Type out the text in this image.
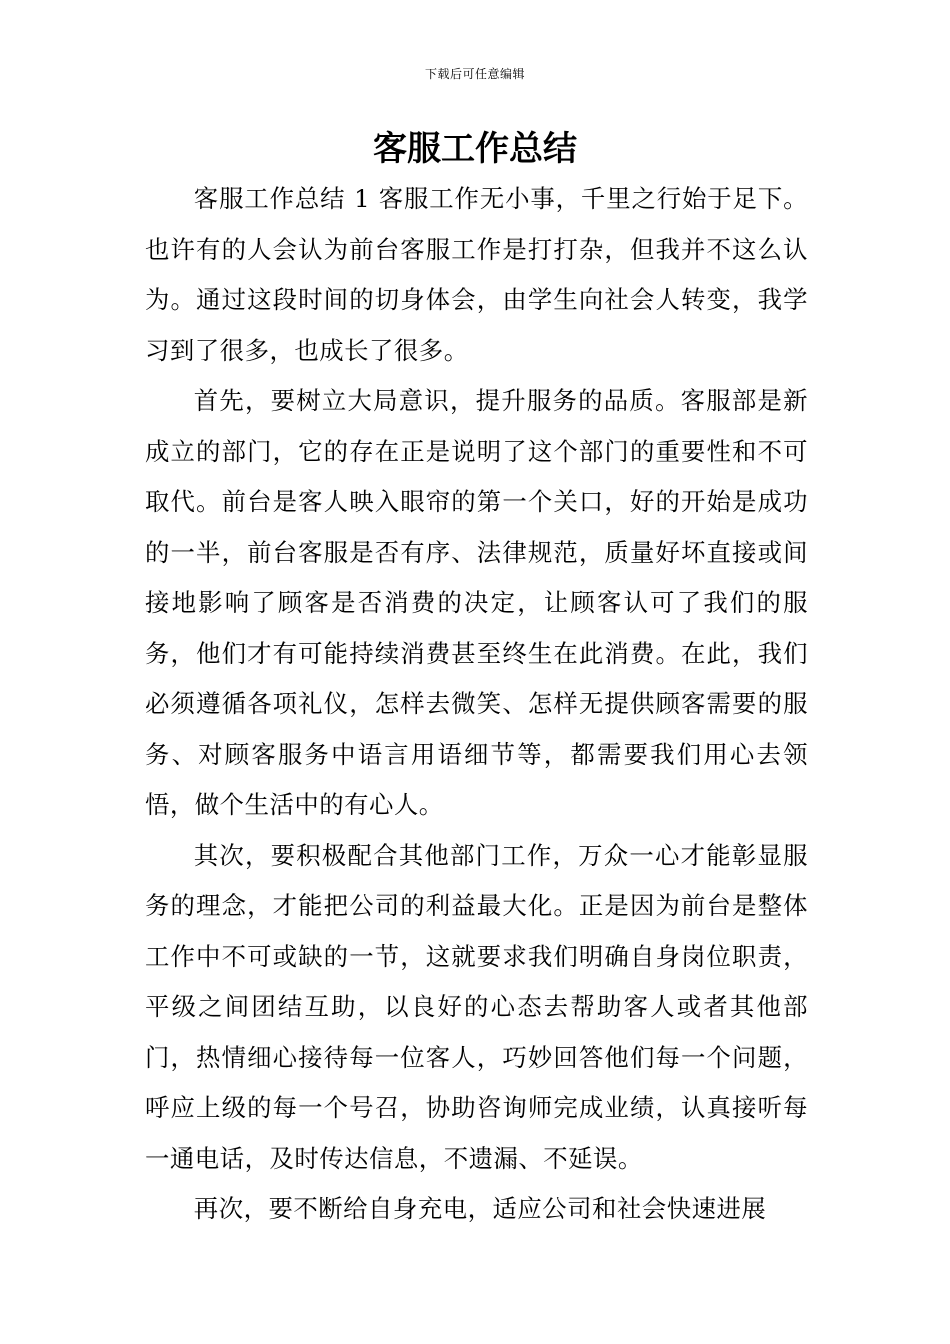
下载后可任意编辑
客服工作总结

客服工作总结 1 客服工作无小事，千里之行始于足下。也许有的人会认为前台客服工作是打打杂，但我并不这么认为。通过这段时间的切身体会，由学生向社会人转变，我学习到了很多，也成长了很多。

首先，要树立大局意识，提升服务的品质。客服部是新成立的部门，它的存在正是说明了这个部门的重要性和不可取代。前台是客人映入眼帘的第一个关口，好的开始是成功的一半，前台客服是否有序、法律规范，质量好坏直接或间接地影响了顾客是否消费的决定，让顾客认可了我们的服务，他们才有可能持续消费甚至终生在此消费。在此，我们必须遵循各项礼仪，怎样去微笑、怎样无提供顾客需要的服务、对顾客服务中语言用语细节等，都需要我们用心去领悟，做个生活中的有心人。

其次，要积极配合其他部门工作，万众一心才能彰显服务的理念，才能把公司的利益最大化。正是因为前台是整体工作中不可或缺的一节，这就要求我们明确自身岗位职责，平级之间团结互助，以良好的心态去帮助客人或者其他部门，热情细心接待每一位客人，巧妙回答他们每一个问题，呼应上级的每一个号召，协助咨询师完成业绩，认真接听每一通电话，及时传达信息，不遗漏、不延误。

再次，要不断给自身充电，适应公司和社会快速进展
